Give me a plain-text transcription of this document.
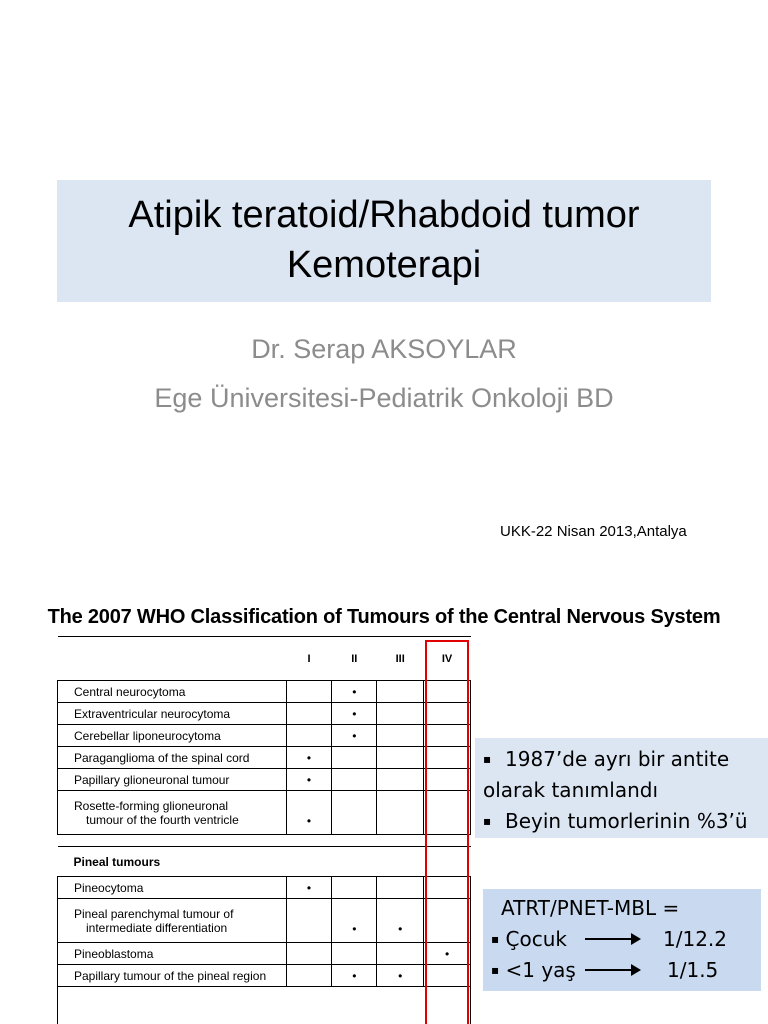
Atipik teratoid/Rhabdoid tumor
Kemoterapi
Dr. Serap AKSOYLAR
Ege Üniversitesi-Pediatrik Onkoloji BD
UKK-22 Nisan 2013,Antalya
The 2007 WHO Classification of Tumours of the Central Nervous System
	I	II	III	IV
Central neurocytoma		•		
Extraventricular neurocytoma		•		
Cerebellar liponeurocytoma		•		
Paraganglioma of the spinal cord	•			
Papillary glioneuronal tumour	•			

Rosette-forming glioneuronal
tumour of the fourth ventricle	•			

Pineal tumours				
Pineocytoma	•			

Pineal parenchymal tumour of
intermediate differentiation		•	•	
Pineoblastoma				•
Papillary tumour of the pineal region		•	•	

▪ 1987’de ayrı bir antite
olarak tanımlandı
▪ Beyin tumorlerinin %3’ü
ATRT/PNET-MBL =
▪ Çocuk	1/12.2
▪ <1 yaş	1/1.5
